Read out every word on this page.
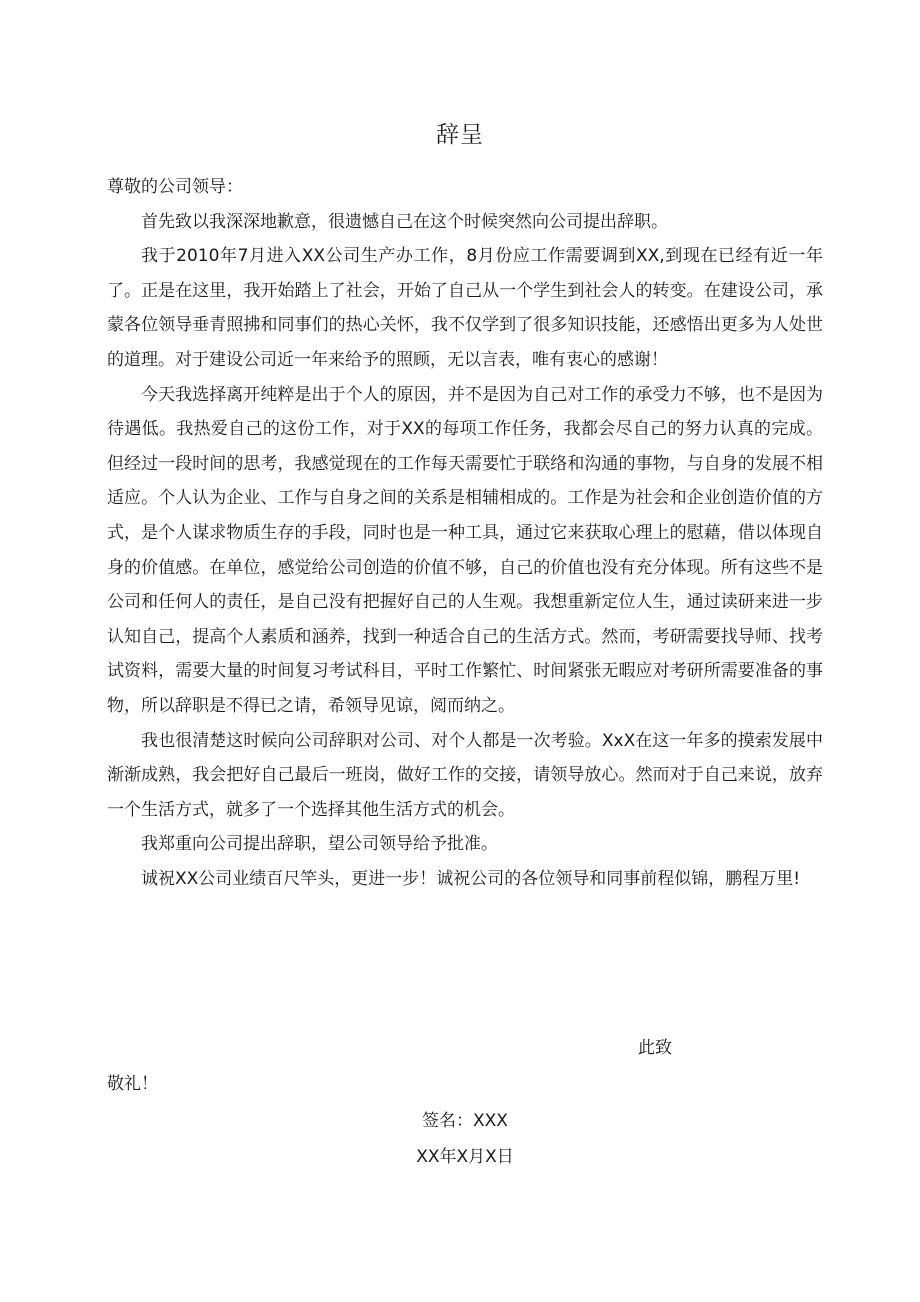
辞呈

尊敬的公司领导：

首先致以我深深地歉意，很遗憾自己在这个时候突然向公司提出辞职。

我于2010年7月进入XX公司生产办工作，8月份应工作需要调到XX,到现在已经有近一年了。正是在这里，我开始踏上了社会，开始了自己从一个学生到社会人的转变。在建设公司，承蒙各位领导垂青照拂和同事们的热心关怀，我不仅学到了很多知识技能，还感悟出更多为人处世的道理。对于建设公司近一年来给予的照顾，无以言表，唯有衷心的感谢！

今天我选择离开纯粹是出于个人的原因，并不是因为自己对工作的承受力不够，也不是因为待遇低。我热爱自己的这份工作，对于XX的每项工作任务，我都会尽自己的努力认真的完成。但经过一段时间的思考，我感觉现在的工作每天需要忙于联络和沟通的事物，与自身的发展不相适应。个人认为企业、工作与自身之间的关系是相辅相成的。工作是为社会和企业创造价值的方式，是个人谋求物质生存的手段，同时也是一种工具，通过它来获取心理上的慰藉，借以体现自身的价值感。在单位，感觉给公司创造的价值不够，自己的价值也没有充分体现。所有这些不是公司和任何人的责任，是自己没有把握好自己的人生观。我想重新定位人生，通过读研来进一步认知自己，提高个人素质和涵养，找到一种适合自己的生活方式。然而，考研需要找导师、找考试资料，需要大量的时间复习考试科目，平时工作繁忙、时间紧张无暇应对考研所需要准备的事物，所以辞职是不得已之请，希领导见谅，阅而纳之。

我也很清楚这时候向公司辞职对公司、对个人都是一次考验。XxX在这一年多的摸索发展中渐渐成熟，我会把好自己最后一班岗，做好工作的交接，请领导放心。然而对于自己来说，放弃一个生活方式，就多了一个选择其他生活方式的机会。

我郑重向公司提出辞职，望公司领导给予批准。

诚祝XX公司业绩百尺竿头，更进一步！诚祝公司的各位领导和同事前程似锦，鹏程万里!

此致
敬礼！
签名：XXX
XX年X月X日
